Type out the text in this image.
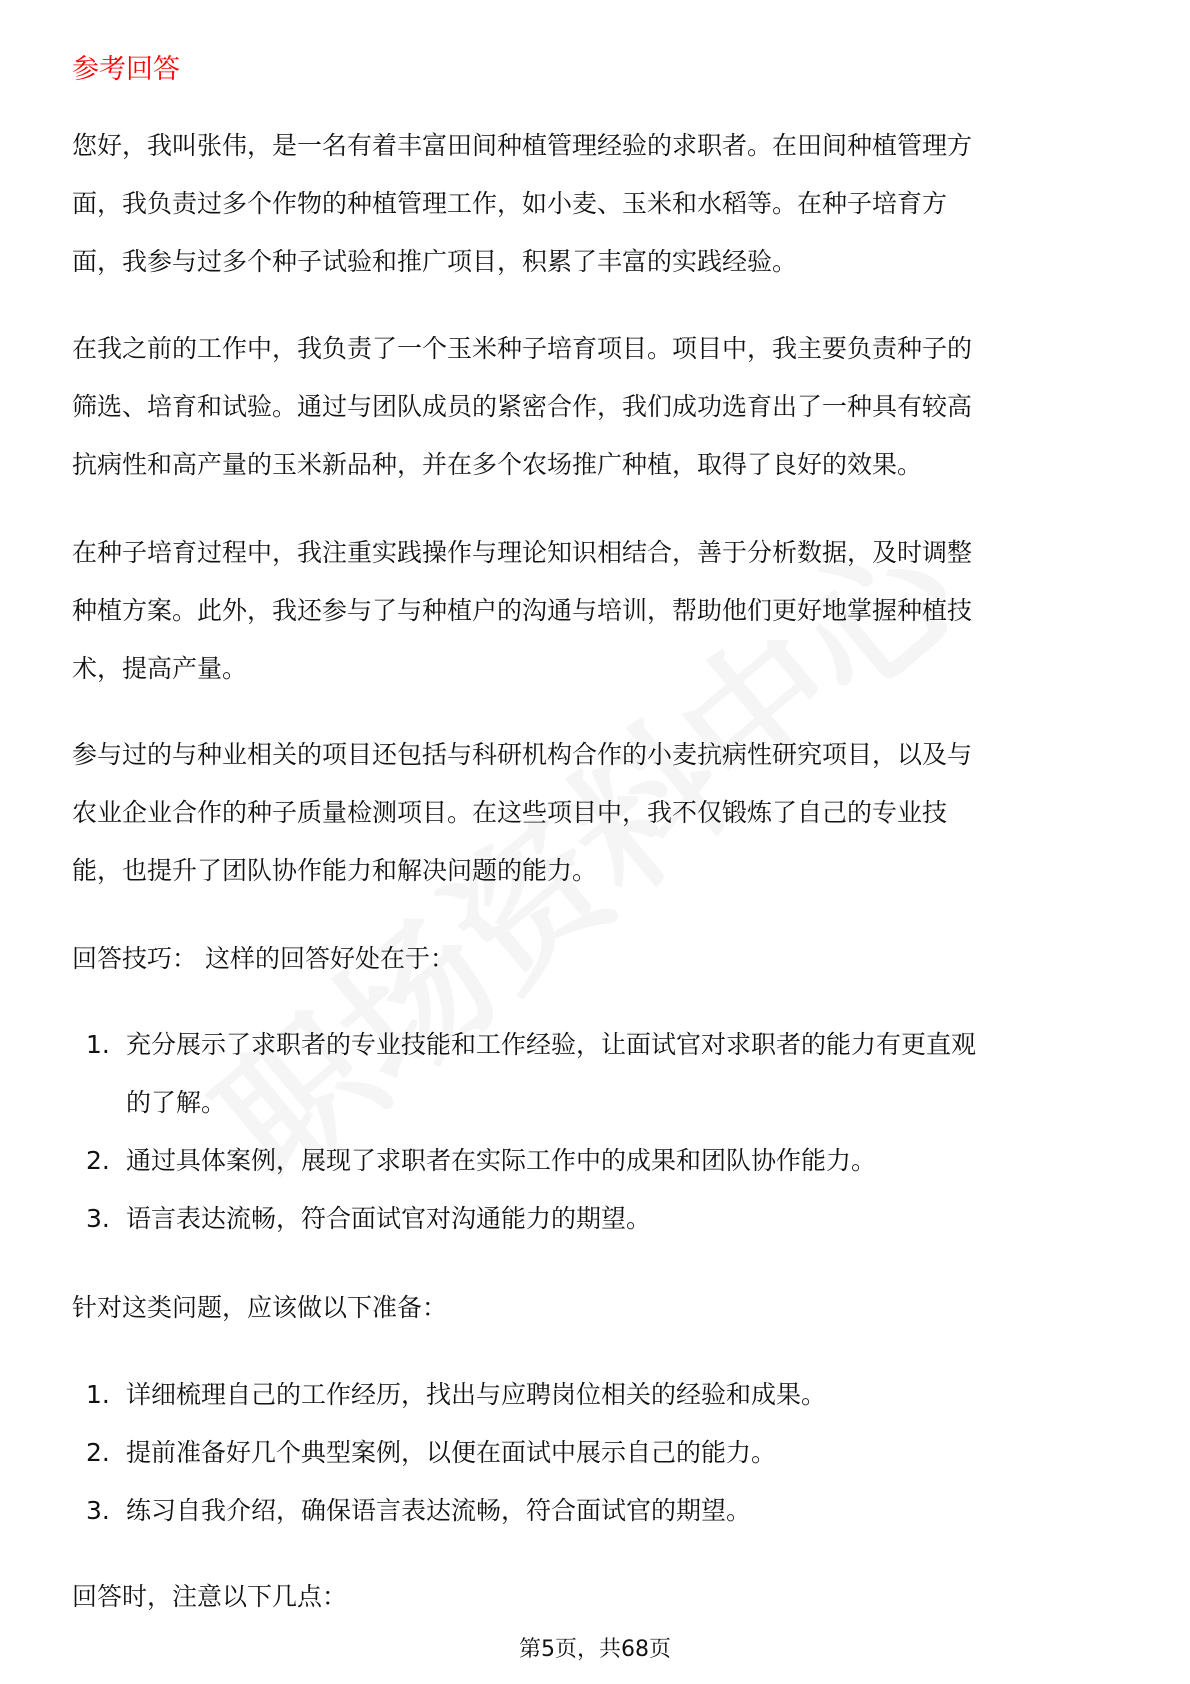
参考回答
您好，我叫张伟，是一名有着丰富田间种植管理经验的求职者。在田间种植管理方
面，我负责过多个作物的种植管理工作，如小麦、玉米和水稻等。在种子培育方
面，我参与过多个种子试验和推广项目，积累了丰富的实践经验。
在我之前的工作中，我负责了一个玉米种子培育项目。项目中，我主要负责种子的
筛选、培育和试验。通过与团队成员的紧密合作，我们成功选育出了一种具有较高
抗病性和高产量的玉米新品种，并在多个农场推广种植，取得了良好的效果。
在种子培育过程中，我注重实践操作与理论知识相结合，善于分析数据，及时调整
种植方案。此外，我还参与了与种植户的沟通与培训，帮助他们更好地掌握种植技
术，提高产量。
参与过的与种业相关的项目还包括与科研机构合作的小麦抗病性研究项目，以及与
农业企业合作的种子质量检测项目。在这些项目中，我不仅锻炼了自己的专业技
能，也提升了团队协作能力和解决问题的能力。
回答技巧： 这样的回答好处在于：
1. 充分展示了求职者的专业技能和工作经验，让面试官对求职者的能力有更直观
的了解。
2. 通过具体案例，展现了求职者在实际工作中的成果和团队协作能力。
3. 语言表达流畅，符合面试官对沟通能力的期望。
针对这类问题，应该做以下准备：
1. 详细梳理自己的工作经历，找出与应聘岗位相关的经验和成果。
2. 提前准备好几个典型案例，以便在面试中展示自己的能力。
3. 练习自我介绍，确保语言表达流畅，符合面试官的期望。
回答时，注意以下几点：
第5页，共68页
